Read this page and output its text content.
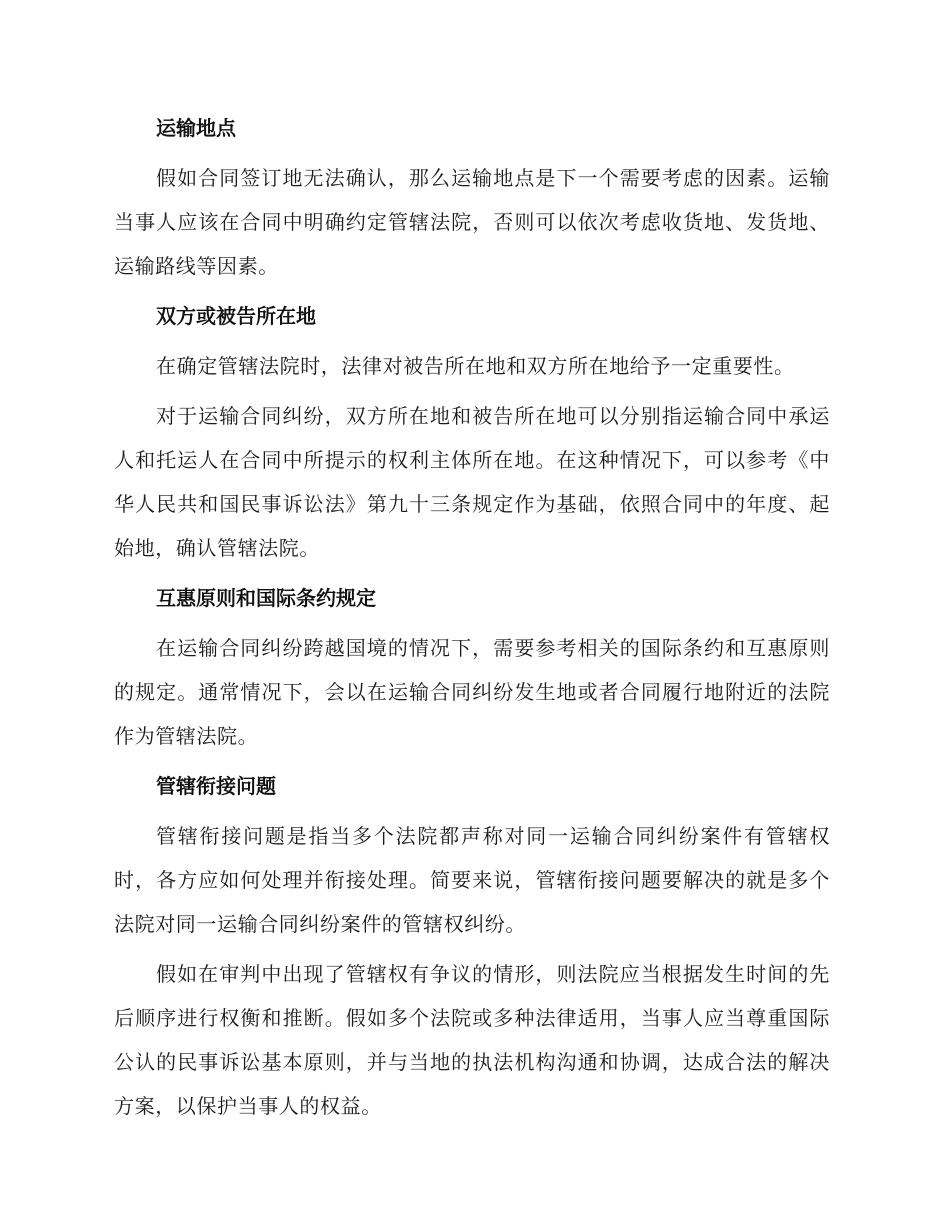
运输地点

假如合同签订地无法确认，那么运输地点是下一个需要考虑的因素。运输当事人应该在合同中明确约定管辖法院，否则可以依次考虑收货地、发货地、运输路线等因素。

双方或被告所在地

在确定管辖法院时，法律对被告所在地和双方所在地给予一定重要性。

对于运输合同纠纷，双方所在地和被告所在地可以分别指运输合同中承运人和托运人在合同中所提示的权利主体所在地。在这种情况下，可以参考《中华人民共和国民事诉讼法》第九十三条规定作为基础，依照合同中的年度、起始地，确认管辖法院。

互惠原则和国际条约规定

在运输合同纠纷跨越国境的情况下，需要参考相关的国际条约和互惠原则的规定。通常情况下，会以在运输合同纠纷发生地或者合同履行地附近的法院作为管辖法院。

管辖衔接问题

管辖衔接问题是指当多个法院都声称对同一运输合同纠纷案件有管辖权时，各方应如何处理并衔接处理。简要来说，管辖衔接问题要解决的就是多个法院对同一运输合同纠纷案件的管辖权纠纷。

假如在审判中出现了管辖权有争议的情形，则法院应当根据发生时间的先后顺序进行权衡和推断。假如多个法院或多种法律适用，当事人应当尊重国际公认的民事诉讼基本原则，并与当地的执法机构沟通和协调，达成合法的解决方案，以保护当事人的权益。
